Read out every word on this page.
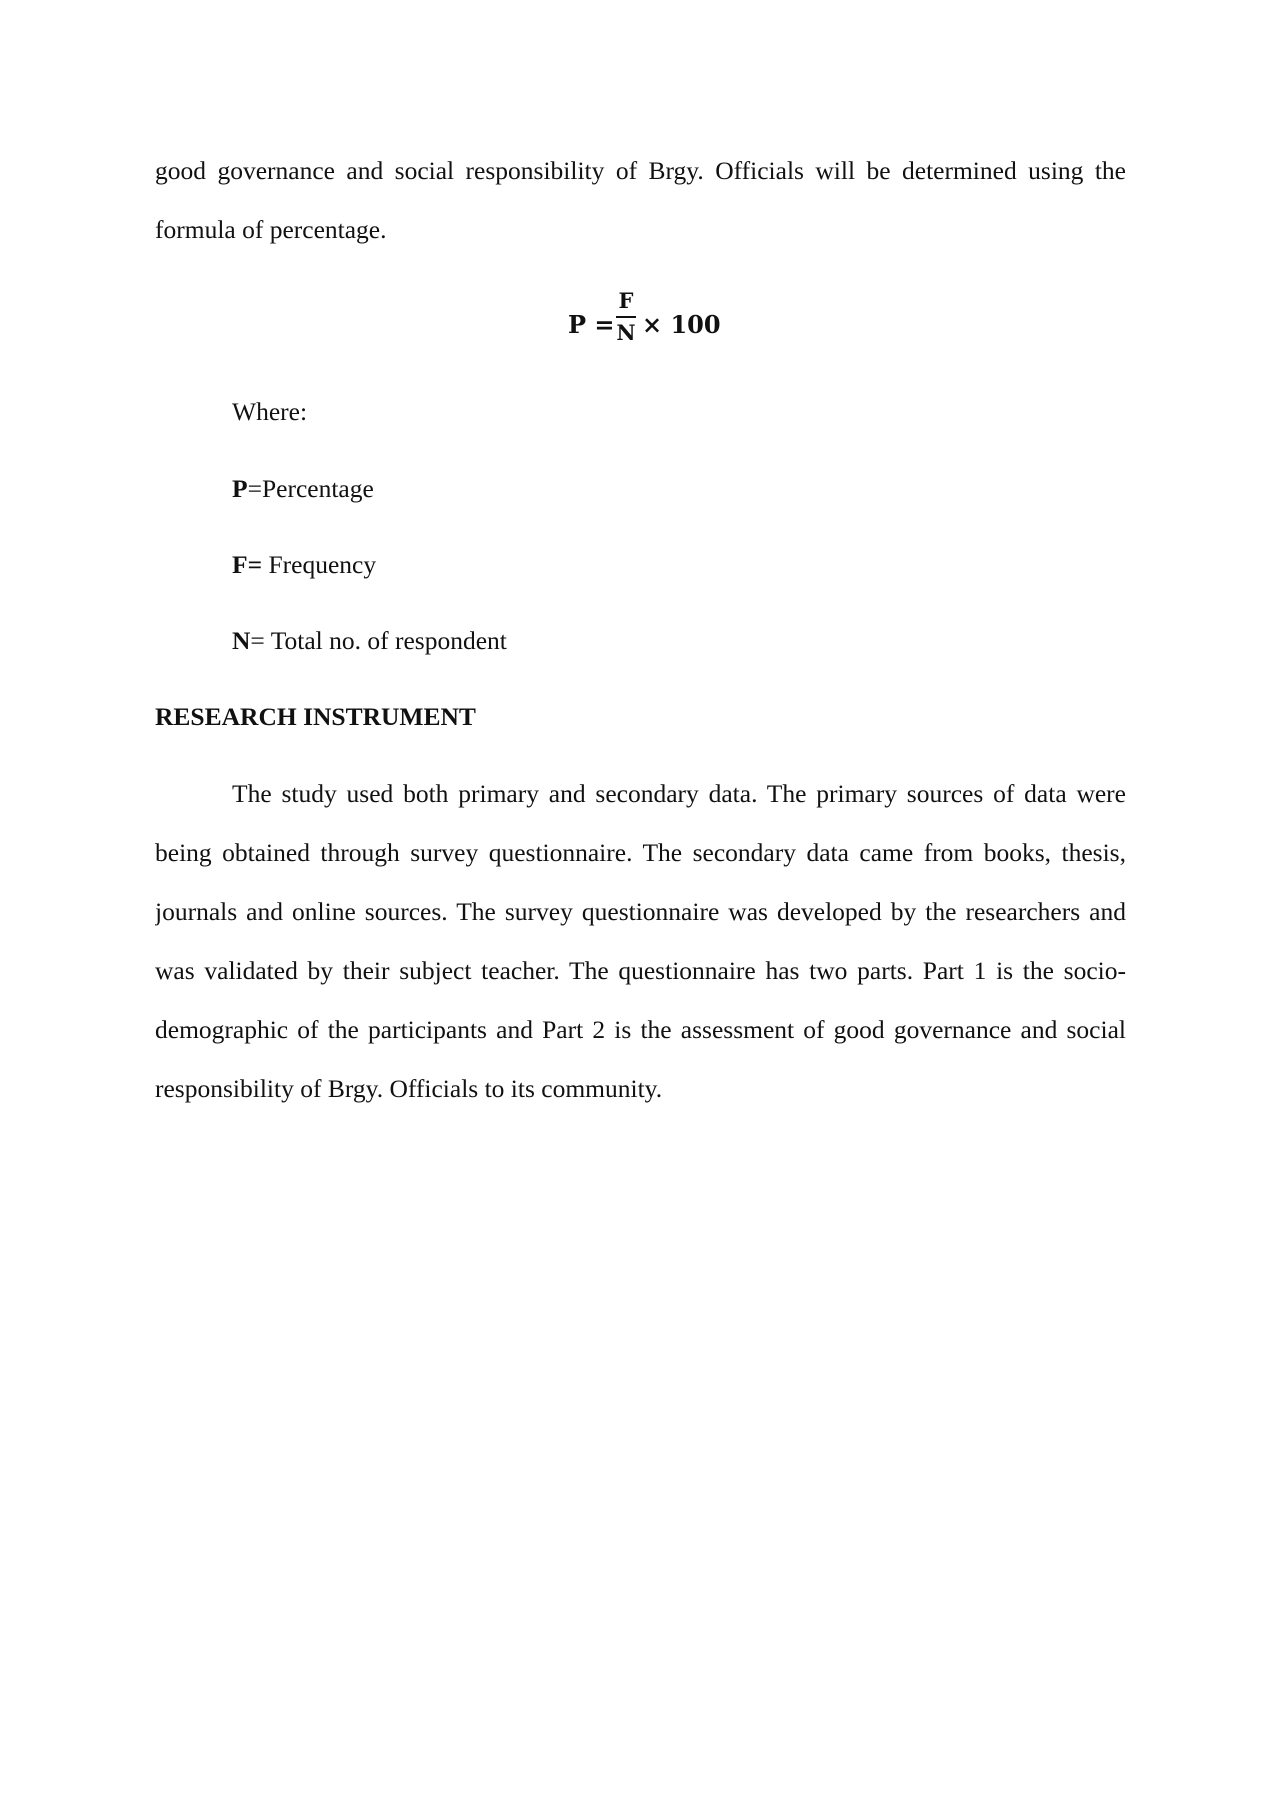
good governance and social responsibility of Brgy. Officials will be determined using the
formula of percentage.
P =
F
N × 100
Where:
P=Percentage
F= Frequency
N= Total no. of respondent
RESEARCH INSTRUMENT
The study used both primary and secondary data. The primary sources of data were
being obtained through survey questionnaire. The secondary data came from books, thesis,
journals and online sources. The survey questionnaire was developed by the researchers and
was validated by their subject teacher. The questionnaire has two parts. Part 1 is the socio-
demographic of the participants and Part 2 is the assessment of good governance and social
responsibility of Brgy. Officials to its community.
